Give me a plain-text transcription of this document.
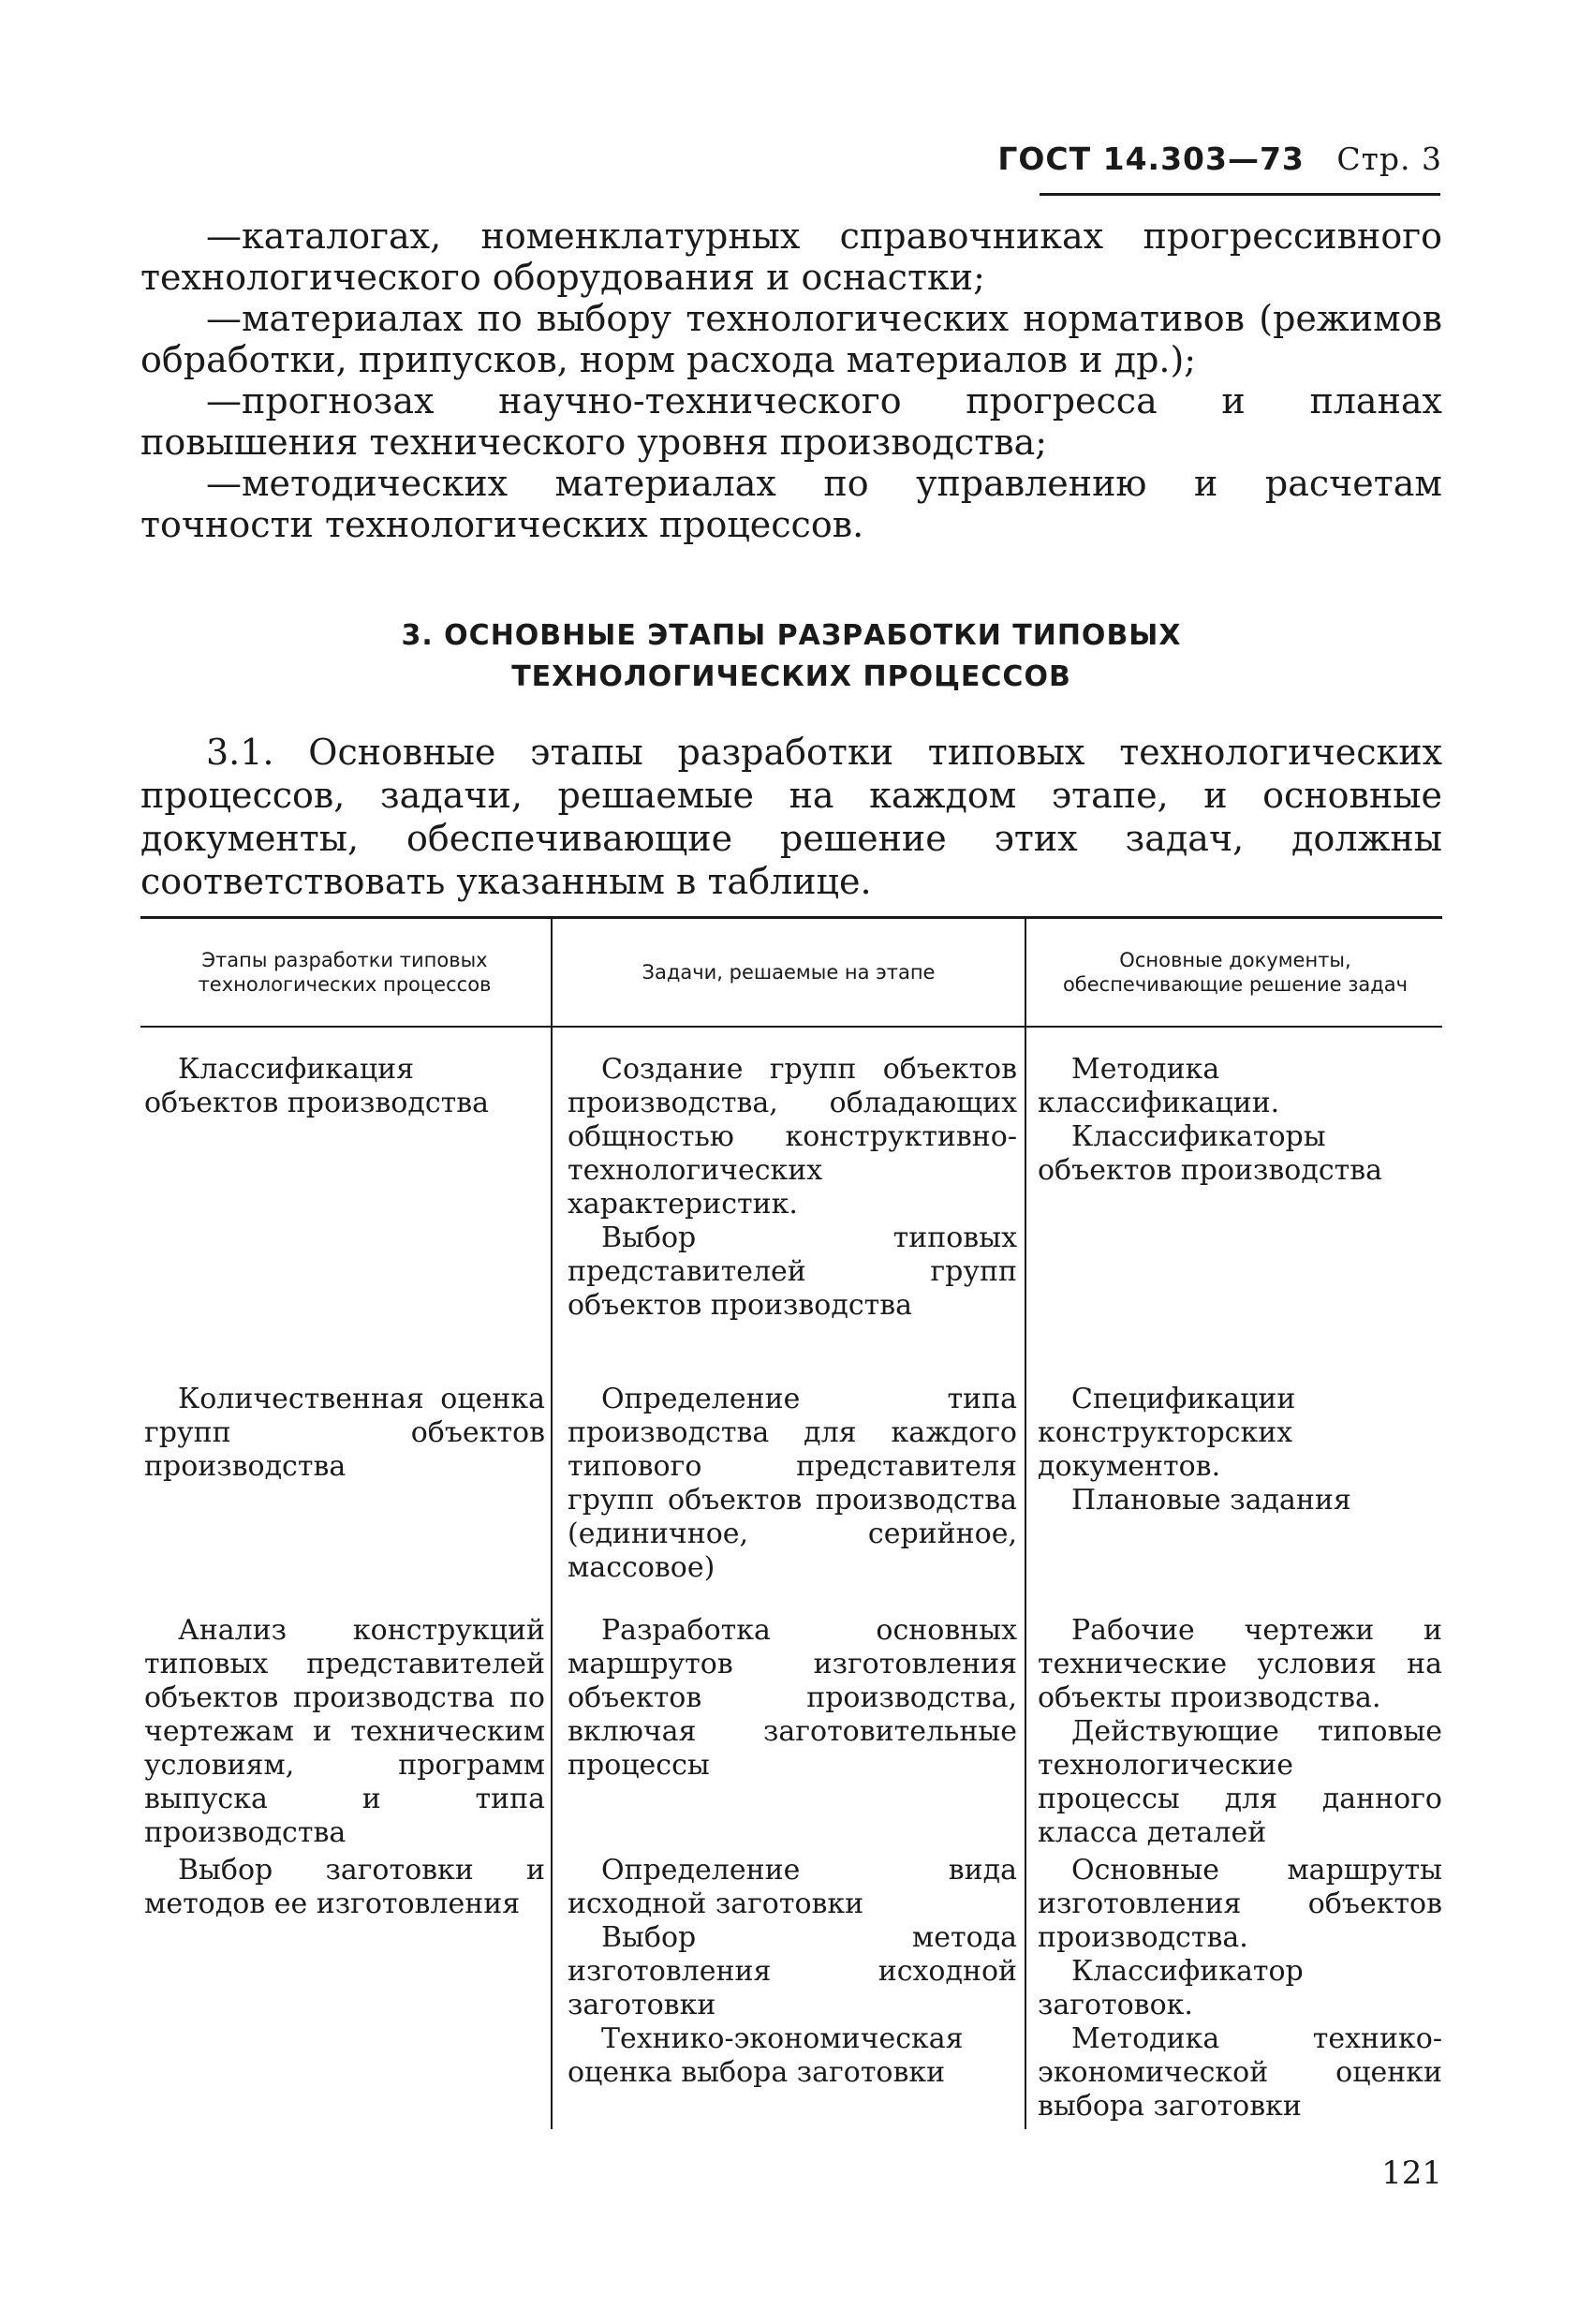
ГОСТ 14.303—73 Стр. 3

—каталогах, номенклатурных справочниках прогрессивного технологического оборудования и оснастки;

—материалах по выбору технологических нормативов (режимов обработки, припусков, норм расхода материалов и др.);

—прогнозах научно-технического прогресса и планах повышения технического уровня производства;

—методических материалах по управлению и расчетам точности технологических процессов.

3. ОСНОВНЫЕ ЭТАПЫ РАЗРАБОТКИ ТИПОВЫХ
ТЕХНОЛОГИЧЕСКИХ ПРОЦЕССОВ

3.1. Основные этапы разработки типовых технологических процессов, задачи, решаемые на каждом этапе, и основные документы, обеспечивающие решение этих задач, должны соответствовать указанным в таблице.

Этапы разработки типовых технологических процессов
Задачи, решаемые на этапе
Основные документы, обеспечивающие решение задач

Классификация объектов производства

Создание групп объектов производства, обладающих общностью конструктивно-технологических характеристик.

Выбор типовых представителей групп объектов производства

Методика классификации.

Классификаторы объектов производства

Количественная оценка групп объектов производства

Определение типа производства для каждого типового представителя групп объектов производства (единичное, серийное, массовое)

Спецификации конструкторских документов.

Плановые задания

Анализ конструкций типовых представителей объектов производства по чертежам и техническим условиям, программ выпуска и типа производства

Разработка основных маршрутов изготовления объектов производства, включая заготовительные процессы

Рабочие чертежи и технические условия на объекты производства.

Действующие типовые технологические процессы для данного класса деталей

Выбор заготовки и методов ее изготовления

Определение вида исходной заготовки

Выбор метода изготовления исходной заготовки

Технико-экономическая оценка выбора заготовки

Основные маршруты изготовления объектов производства.

Классификатор заготовок.

Методика технико-экономической оценки выбора заготовки

121
